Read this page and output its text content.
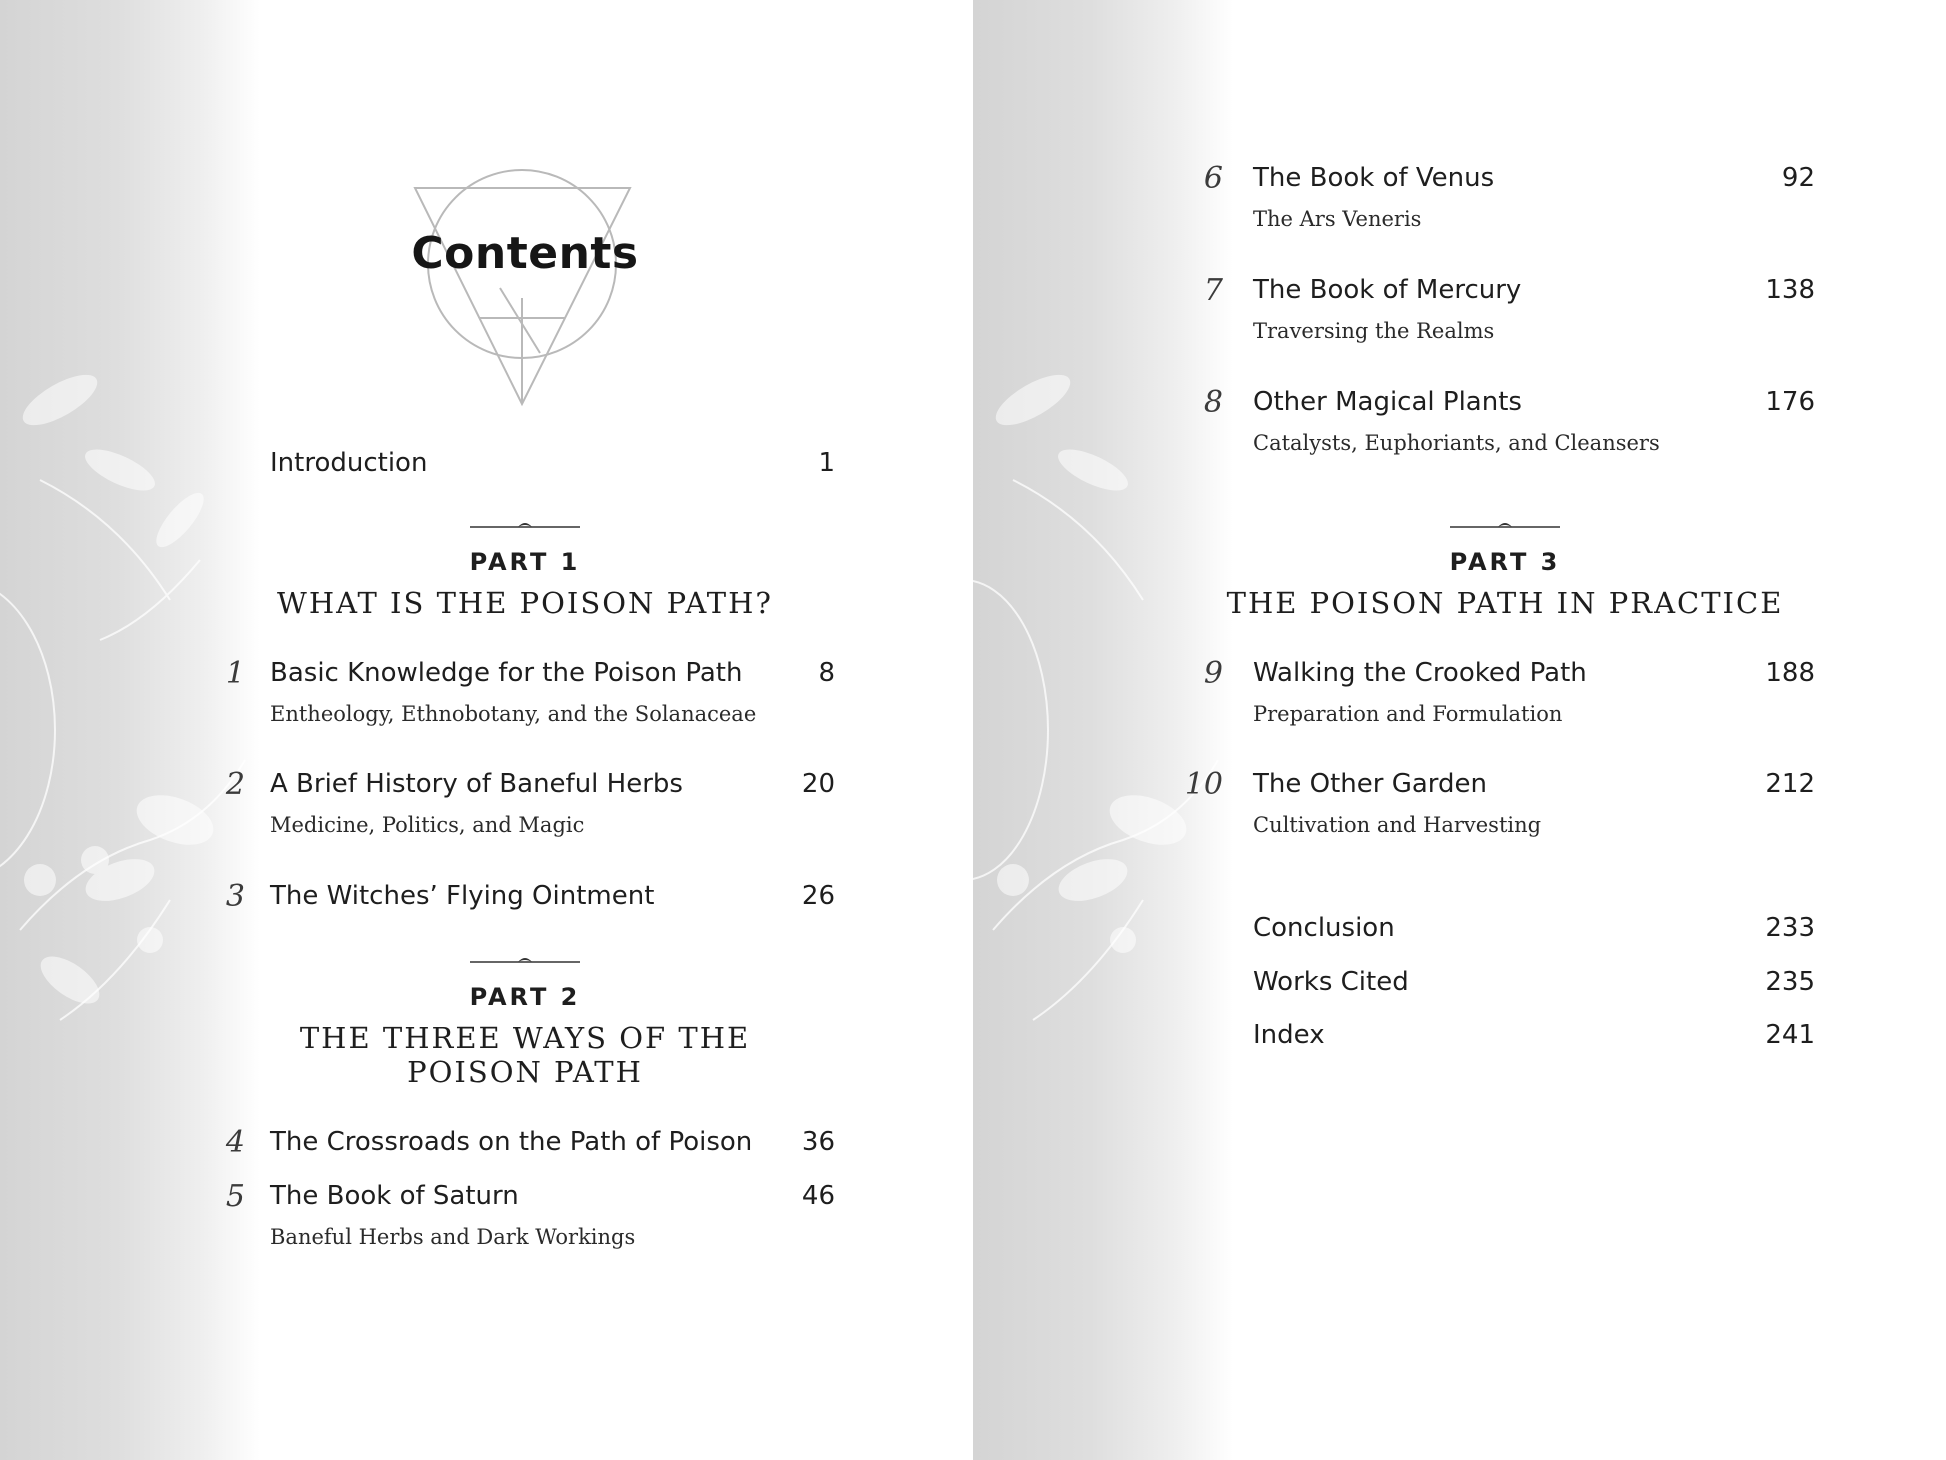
Contents
Introduction	1
PART 1
WHAT IS THE POISON PATH?
1 Basic Knowledge for the Poison Path	8
Entheology, Ethnobotany, and the Solanaceae
2 A Brief History of Baneful Herbs	20
Medicine, Politics, and Magic
3 The Witches’ Flying Ointment	26
PART 2
THE THREE WAYS OF THE
POISON PATH
4 The Crossroads on the Path of Poison 36
5 The Book of Saturn	46
Baneful Herbs and Dark Workings
6 The Book of Venus	92
The Ars Veneris
7 The Book of Mercury	138
Traversing the Realms
8 Other Magical Plants	176
Catalysts, Euphoriants, and Cleansers
PART 3
THE POISON PATH IN PRACTICE
9 Walking the Crooked Path	188
Preparation and Formulation
10 The Other Garden	212
Cultivation and Harvesting
Conclusion	233
Works Cited	235
Index	241
